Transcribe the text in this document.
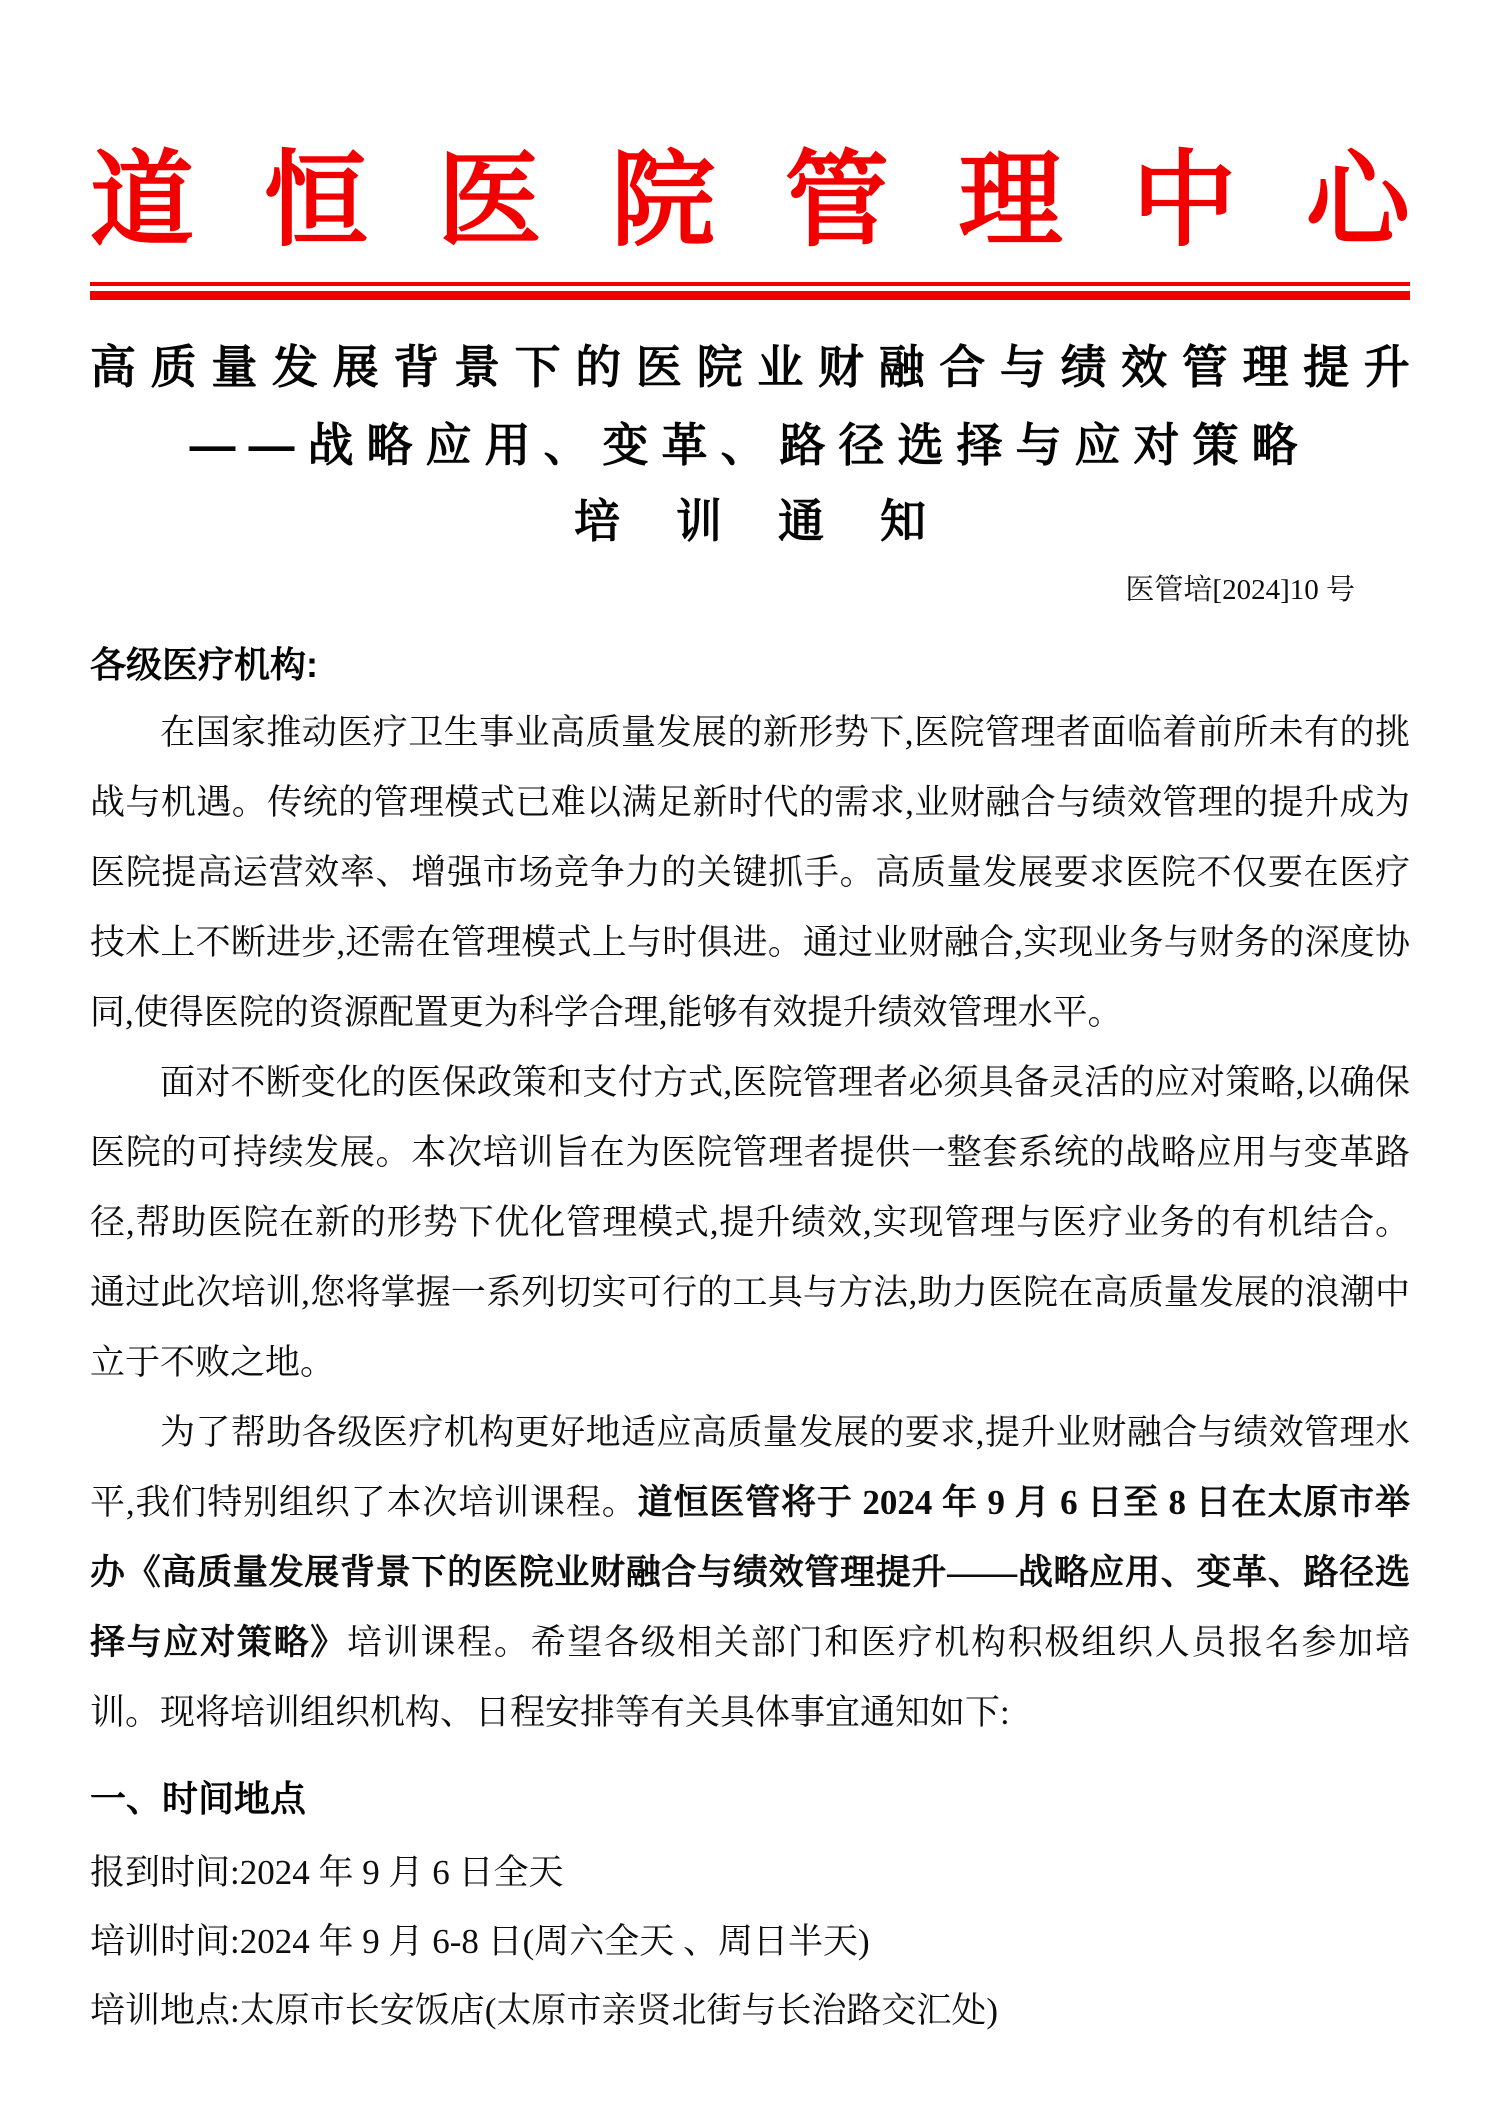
道 恒 医 院 管 理 中 心
高 质 量 发 展 背 景 下 的 医 院 业 财 融 合 与 绩 效 管 理 提 升
——战略应用、变革、路径选择与应对策略
培 训 通 知
医管培[2024]10 号
各级医疗机构:
在国家推动医疗卫生事业高质量发展的新形势下,医院管理者面临着前所未有的挑战与机遇。传统的管理模式已难以满足新时代的需求,业财融合与绩效管理的提升成为医院提高运营效率、增强市场竞争力的关键抓手。高质量发展要求医院不仅要在医疗技术上不断进步,还需在管理模式上与时俱进。通过业财融合,实现业务与财务的深度协同,使得医院的资源配置更为科学合理,能够有效提升绩效管理水平。
面对不断变化的医保政策和支付方式,医院管理者必须具备灵活的应对策略,以确保医院的可持续发展。本次培训旨在为医院管理者提供一整套系统的战略应用与变革路径,帮助医院在新的形势下优化管理模式,提升绩效,实现管理与医疗业务的有机结合。通过此次培训,您将掌握一系列切实可行的工具与方法,助力医院在高质量发展的浪潮中立于不败之地。
为了帮助各级医疗机构更好地适应高质量发展的要求,提升业财融合与绩效管理水平,我们特别组织了本次培训课程。道恒医管将于 2024 年 9 月 6 日至 8 日在太原市举办《高质量发展背景下的医院业财融合与绩效管理提升——战略应用、变革、路径选择与应对策略》培训课程。希望各级相关部门和医疗机构积极组织人员报名参加培训。现将培训组织机构、日程安排等有关具体事宜通知如下:
一、时间地点
报到时间:2024 年 9 月 6 日全天
培训时间:2024 年 9 月 6-8 日(周六全天 、周日半天)
培训地点:太原市长安饭店(太原市亲贤北街与长治路交汇处)
